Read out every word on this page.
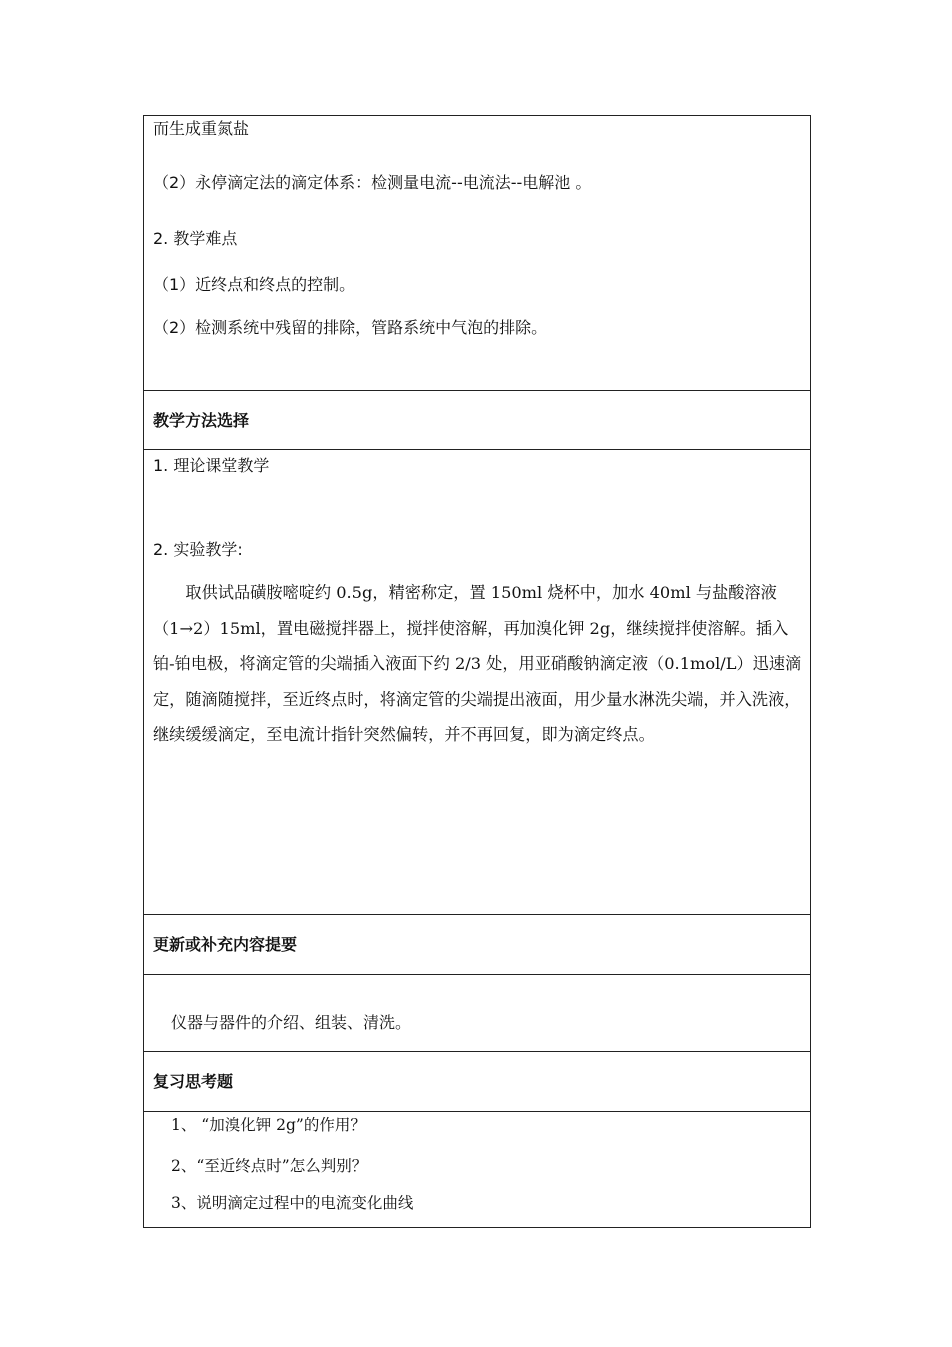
而生成重氮盐
（2）永停滴定法的滴定体系：检测量电流--电流法--电解池 。
2. 教学难点
（1）近终点和终点的控制。
（2）检测系统中残留的排除，管路系统中气泡的排除。
教学方法选择
1. 理论课堂教学
2. 实验教学:
取供试品磺胺嘧啶约 0.5g，精密称定，置 150ml 烧杯中，加水 40ml 与盐酸溶液（1→2）15ml，置电磁搅拌器上，搅拌使溶解，再加溴化钾 2g，继续搅拌使溶解。插入铂-铂电极，将滴定管的尖端插入液面下约 2/3 处，用亚硝酸钠滴定液（0.1mol/L）迅速滴定，随滴随搅拌，至近终点时，将滴定管的尖端提出液面，用少量水淋洗尖端，并入洗液，继续缓缓滴定，至电流计指针突然偏转，并不再回复，即为滴定终点。
更新或补充内容提要
仪器与器件的介绍、组装、清洗。
复习思考题
1、 “加溴化钾 2g”的作用？
2、“至近终点时”怎么判别？
3、说明滴定过程中的电流变化曲线
